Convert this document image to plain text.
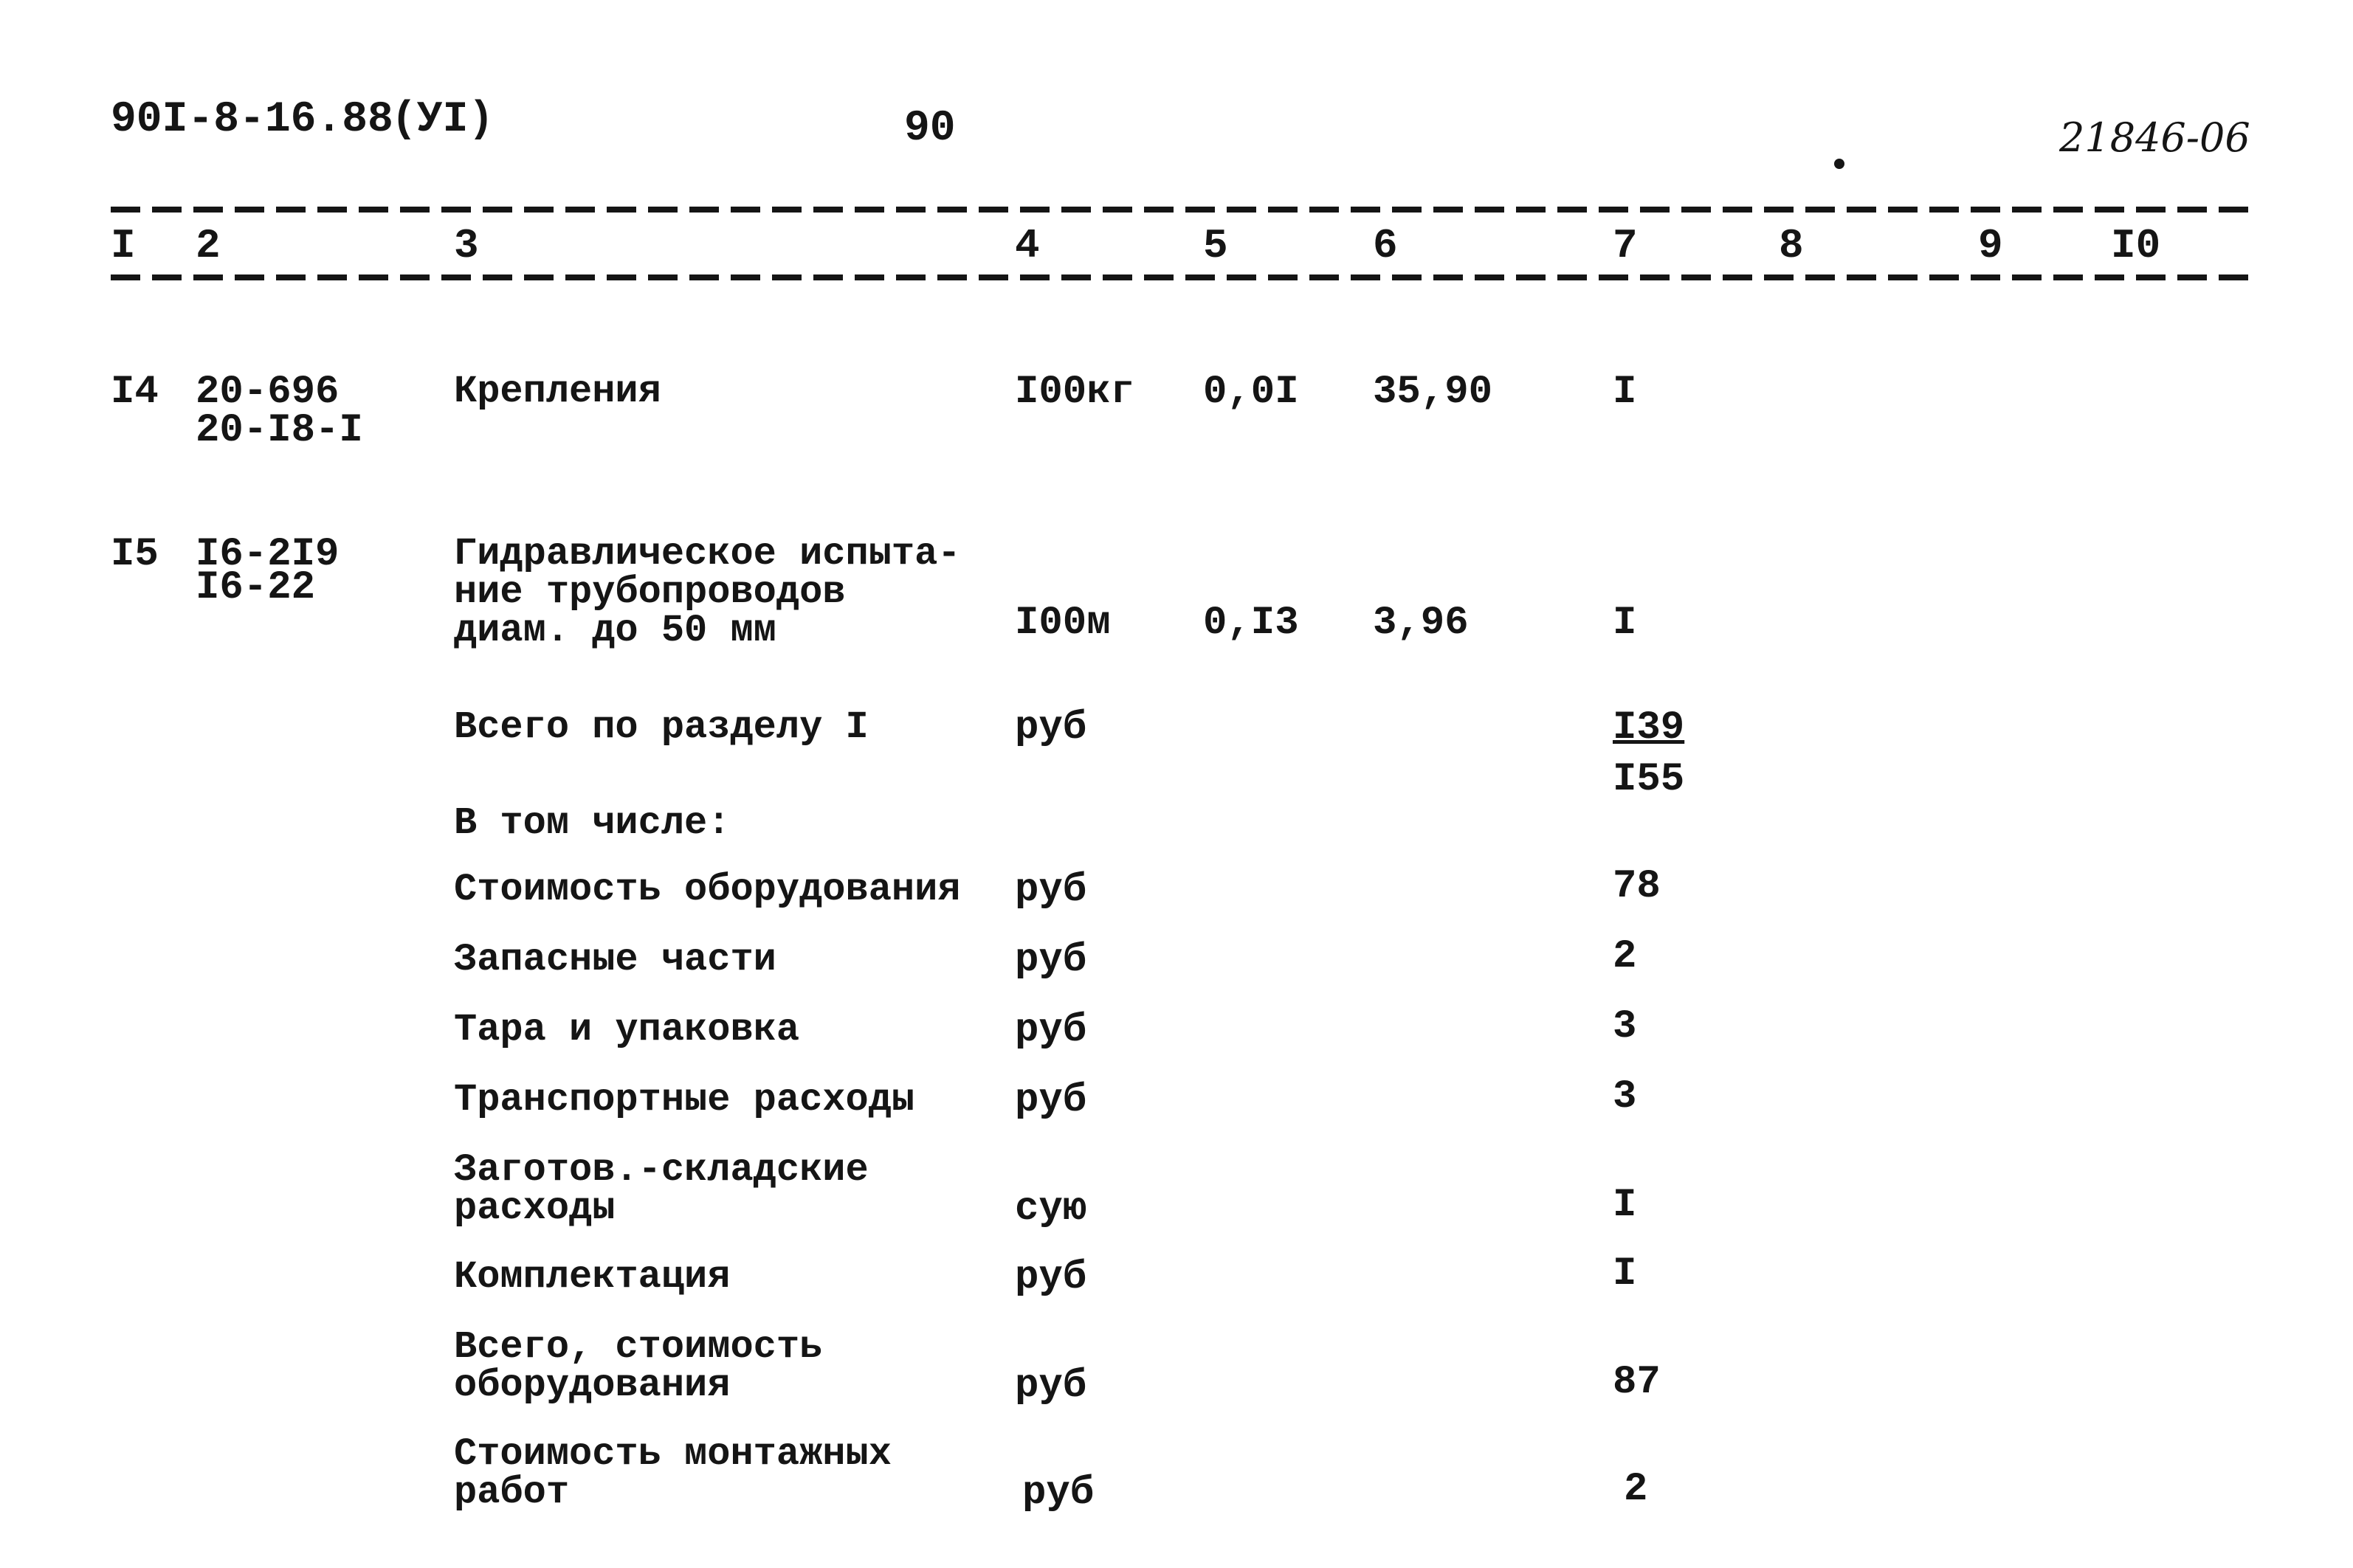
90I-8-16.88
(УI)	90	21846-06
I 2	3	4	5	6	7	8	9	I0
I4 20-696
20-I8-I
Крепления	I00кг 0,0I 35,90	I
I5 I6-2I9
I6-22
Гидравлическое испыта-
ние трубопроводов
диам. до 50 мм	I00м 0,I3 3,96	I
Всего по разделу I	руб	I39
I55
В том числе:
Стоимость оборудования руб	78
Запасные части	руб	2
Тара и упаковка	руб	3
Транспортные расходы	руб	3
Заготов.-складские
расходы	сую	I
Комплектация	руб	I
Всего, стоимость
оборудования	руб	87
Стоимость монтажных
работ	руб	2
